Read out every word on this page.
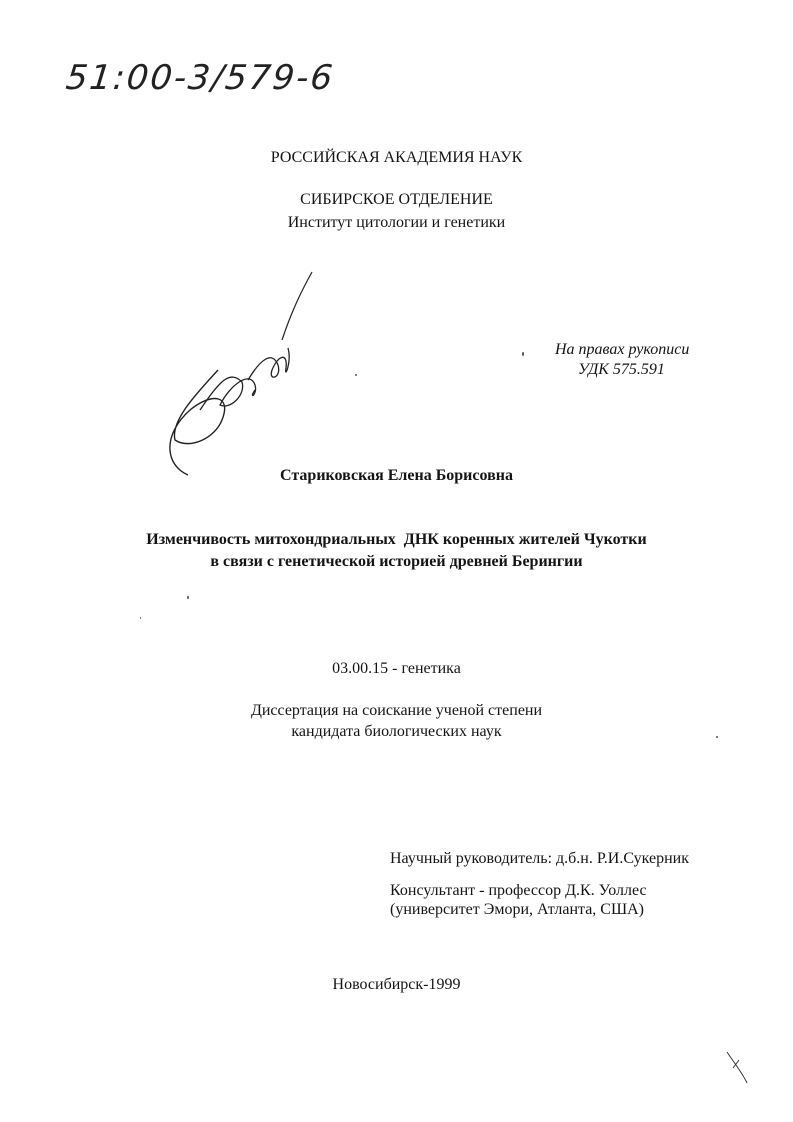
51:00-3/579-6
РОССИЙСКАЯ АКАДЕМИЯ НАУК
СИБИРСКОЕ ОТДЕЛЕНИЕ
Институт цитологии и генетики
На правах рукописи
УДК 575.591
Стариковская Елена Борисовна
Изменчивость митохондриальных  ДНК коренных жителей Чукотки
в связи с генетической историей древней Берингии
03.00.15 - генетика
Диссертация на соискание ученой степени
кандидата биологических наук
Научный руководитель: д.б.н. Р.И.Сукерник
Консультант - профессор Д.К. Уоллес
(университет Эмори, Атланта, США)
Новосибирск-1999
